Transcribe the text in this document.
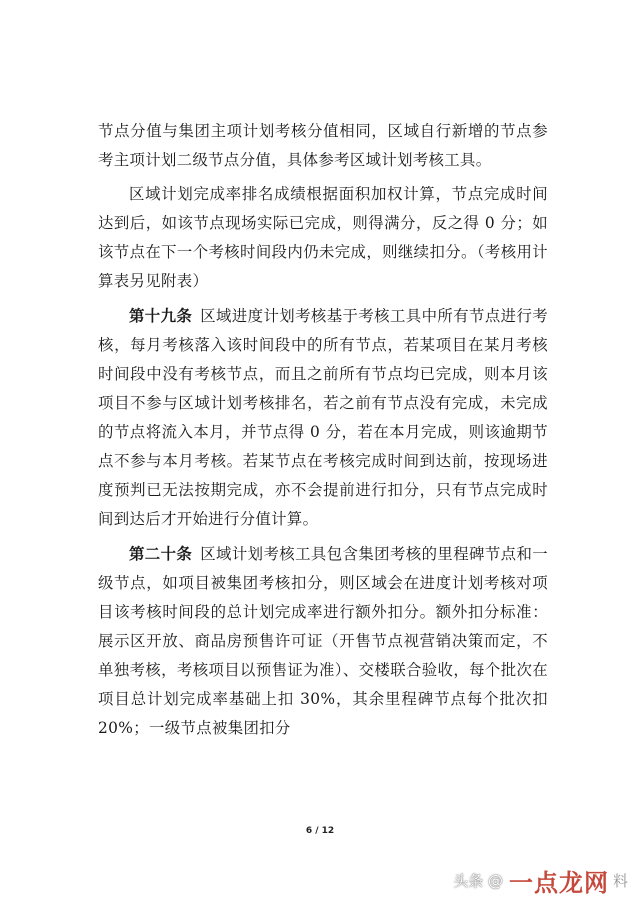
节点分值与集团主项计划考核分值相同，区域自行新增的节点参考主项计划二级节点分值，具体参考区域计划考核工具。

区域计划完成率排名成绩根据面积加权计算，节点完成时间达到后，如该节点现场实际已完成，则得满分，反之得 0 分；如该节点在下一个考核时间段内仍未完成，则继续扣分。（考核用计算表另见附表）

第十九条 区域进度计划考核基于考核工具中所有节点进行考核，每月考核落入该时间段中的所有节点，若某项目在某月考核时间段中没有考核节点，而且之前所有节点均已完成，则本月该项目不参与区域计划考核排名，若之前有节点没有完成，未完成的节点将流入本月，并节点得 0 分，若在本月完成，则该逾期节点不参与本月考核。若某节点在考核完成时间到达前，按现场进度预判已无法按期完成，亦不会提前进行扣分，只有节点完成时间到达后才开始进行分值计算。

第二十条 区域计划考核工具包含集团考核的里程碑节点和一级节点，如项目被集团考核扣分，则区域会在进度计划考核对项目该考核时间段的总计划完成率进行额外扣分。额外扣分标准：展示区开放、商品房预售许可证（开售节点视营销决策而定，不单独考核，考核项目以预售证为准）、交楼联合验收，每个批次在项目总计划完成率基础上扣 30%，其余里程碑节点每个批次扣 20%；一级节点被集团扣分

6 / 12
头条 @ 一点龙网 料
